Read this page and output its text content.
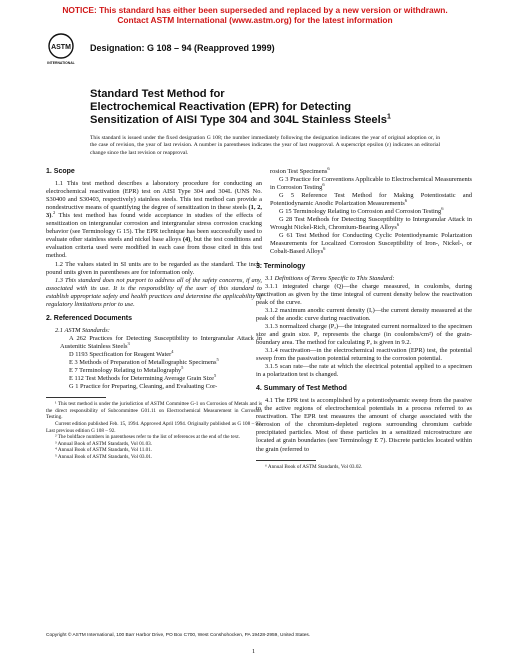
NOTICE: This standard has either been superseded and replaced by a new version or withdrawn.
Contact ASTM International (www.astm.org) for the latest information
ASTM
INTERNATIONAL
Designation: G 108 – 94 (Reapproved 1999)
Standard Test Method for
Electrochemical Reactivation (EPR) for Detecting
Sensitization of AISI Type 304 and 304L Stainless Steels$^1$
This standard is issued under the fixed designation G 108; the number immediately following the designation indicates the year of original adoption or, in the case of revision, the year of last revision. A number in parentheses indicates the year of last reapproval. A superscript epsilon (ε) indicates an editorial change since the last revision or reapproval.
1. Scope

1.1 This test method describes a laboratory procedure for conducting an electrochemical reactivation (EPR) test on AISI Type 304 and 304L (UNS No. S30400 and S30403, respectively) stainless steels. This test method can provide a nondestructive means of quantifying the degree of sensitization in these steels (1, 2, 3).$^2$ This test method has found wide acceptance in studies of the effects of sensitization on intergranular corrosion and intergranular stress corrosion cracking behavior (see Terminology G 15). The EPR technique has been successfully used to evaluate other stainless steels and nickel base alloys (4), but the test conditions and evaluation criteria used were modified in each case from those cited in this test method.

1.2 The values stated in SI units are to be regarded as the standard. The inch-pound units given in parentheses are for information only.

1.3 This standard does not purport to address all of the safety concerns, if any, associated with its use. It is the responsibility of the user of this standard to establish appropriate safety and health practices and determine the applicability of regulatory limitations prior to use.

2. Referenced Documents

2.1 ASTM Standards:

A 262 Practices for Detecting Susceptibility to Intergranular Attack in Austenitic Stainless Steels$^3$

D 1193 Specification for Reagent Water$^4$

E 3 Methods of Preparation of Metallographic Specimens$^5$

E 7 Terminology Relating to Metallography$^5$

E 112 Test Methods for Determining Average Grain Size$^5$

G 1 Practice for Preparing, Cleaning, and Evaluating Cor-

¹ This test method is under the jurisdiction of ASTM Committee G-1 on Corrosion of Metals and is the direct responsibility of Subcommittee G01.11 on Electrochemical Measurement in Corrosion Testing.

Current edition published Feb. 15, 1994. Approved April 1994. Originally published as G 108 – 92. Last previous edition G 108 – 92.

² The boldface numbers in parentheses refer to the list of references at the end of the text.

³ Annual Book of ASTM Standards, Vol 01.03.

⁴ Annual Book of ASTM Standards, Vol 11.01.

⁵ Annual Book of ASTM Standards, Vol 03.01.

rosion Test Specimens$^6$

G 3 Practice for Conventions Applicable to Electrochemical Measurements in Corrosion Testing$^6$

G 5 Reference Test Method for Making Potentiostatic and Potentiodynamic Anodic Polarization Measurements$^6$

G 15 Terminology Relating to Corrosion and Corrosion Testing$^6$

G 28 Test Methods for Detecting Susceptibility to Intergranular Attack in Wrought Nickel-Rich, Chromium-Bearing Alloys$^6$

G 61 Test Method for Conducting Cyclic Potentiodynamic Polarization Measurements for Localized Corrosion Susceptibility of Iron-, Nickel-, or Cobalt-Based Alloys$^6$

3. Terminology

3.1 Definitions of Terms Specific to This Standard:

3.1.1 integrated charge (Q)—the charge measured, in coulombs, during reactivation as given by the time integral of current density below the reactivation peak of the curve.

3.1.2 maximum anodic current density (Iᵣ)—the current density measured at the peak of the anodic curve during reactivation.

3.1.3 normalized charge (Pₐ)—the integrated current normalized to the specimen size and grain size. Pₐ represents the charge (in coulombs/cm²) of the grain-boundary area. The method for calculating Pₐ is given in 9.2.

3.1.4 reactivation—in the electrochemical reactivation (EPR) test, the potential sweep from the passivation potential returning to the corrosion potential.

3.1.5 scan rate—the rate at which the electrical potential applied to a specimen in a polarization test is changed.

4. Summary of Test Method

4.1 The EPR test is accomplished by a potentiodynamic sweep from the passive to the active regions of electrochemical potentials in a process referred to as reactivation. The EPR test measures the amount of charge associated with the corrosion of the chromium-depleted regions surrounding chromium carbide precipitated particles. Most of these particles in a sensitized microstructure are located at grain boundaries (see Terminology E 7). Discrete particles located within the grain (referred to

⁶ Annual Book of ASTM Standards, Vol 03.02.

Copyright © ASTM International, 100 Barr Harbor Drive, PO Box C700, West Conshohocken, PA 19428-2959, United States.
1
